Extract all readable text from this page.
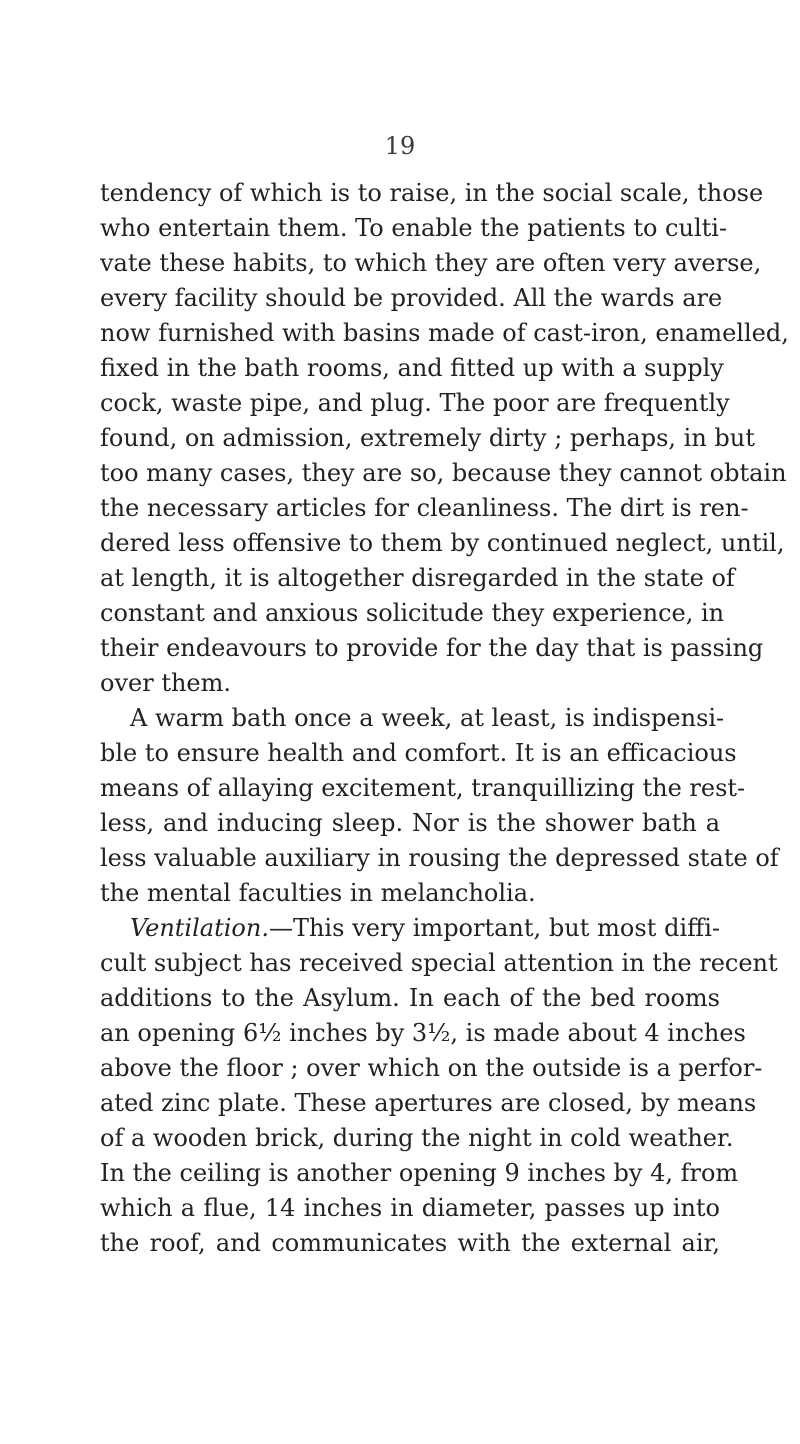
19
tendency of which is to raise, in the social scale, those
who entertain them. To enable the patients to culti-
vate these habits, to which they are often very averse,
every facility should be provided. All the wards are
now furnished with basins made of cast-iron, enamelled,
fixed in the bath rooms, and fitted up with a supply
cock, waste pipe, and plug. The poor are frequently
found, on admission, extremely dirty ; perhaps, in but
too many cases, they are so, because they cannot obtain
the necessary articles for cleanliness. The dirt is ren-
dered less offensive to them by continued neglect, until,
at length, it is altogether disregarded in the state of
constant and anxious solicitude they experience, in
their endeavours to provide for the day that is passing
over them.
A warm bath once a week, at least, is indispensi-
ble to ensure health and comfort. It is an efficacious
means of allaying excitement, tranquillizing the rest-
less, and inducing sleep. Nor is the shower bath a
less valuable auxiliary in rousing the depressed state of
the mental faculties in melancholia.
Ventilation.—This very important, but most diffi-
cult subject has received special attention in the recent
additions to the Asylum. In each of the bed rooms
an opening 6½ inches by 3½, is made about 4 inches
above the floor ; over which on the outside is a perfor-
ated zinc plate. These apertures are closed, by means
of a wooden brick, during the night in cold weather.
In the ceiling is another opening 9 inches by 4, from
which a flue, 14 inches in diameter, passes up into
the roof, and communicates with the external air,
